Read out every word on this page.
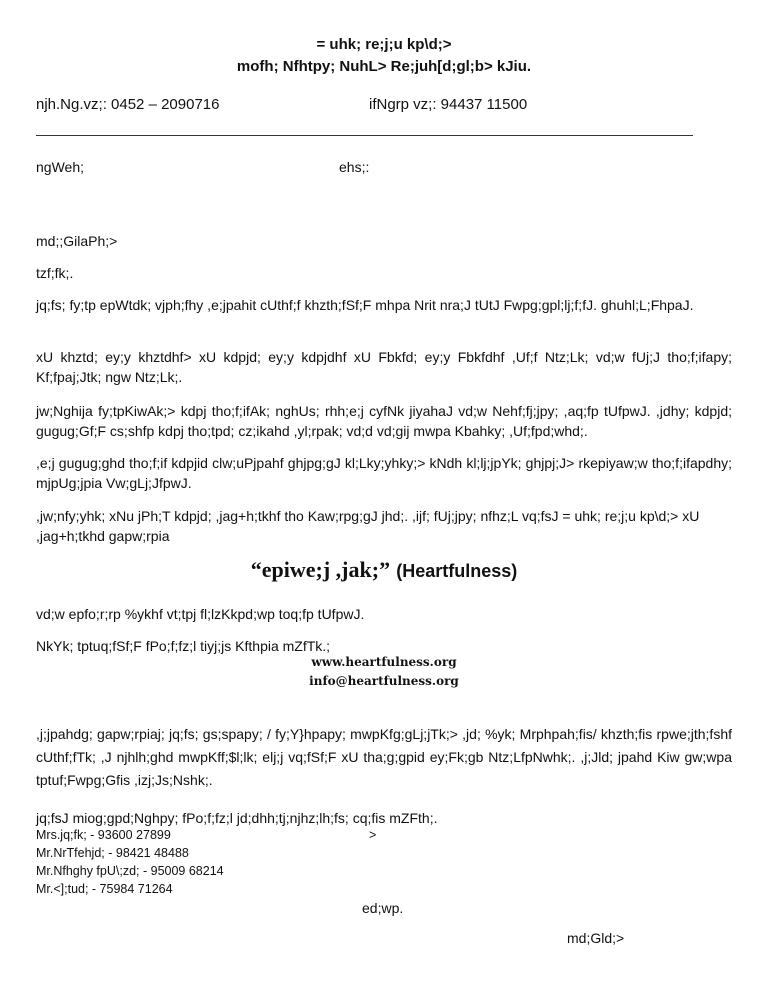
= uhk; re;j;u kp\d;>
mofh; Nfhtpy; NuhL> Re;juh[d;gl;b> kJiu.
njh.Ng.vz;: 0452 – 2090716	ifNgrp vz;: 94437 11500
ngWeh;	ehs;:
md;;GilaPh;>
tzf;fk;.
jq;fs; fy;tp epWtdk; vjph;fhy ,e;jpahit cUthf;f khzth;fSf;F mhpa Nrit nra;J tUtJ Fwpg;gpl;lj;f;fJ. ghuhl;L;FhpaJ.
xU khztd; ey;y khztdhf> xU kdpjd; ey;y kdpjdhf xU Fbkfd; ey;y Fbkfdhf ,Uf;f Ntz;Lk; vd;w fUj;J tho;f;ifapy; Kf;fpaj;Jtk; ngw Ntz;Lk;.
jw;Nghija fy;tpKiwAk;> kdpj tho;f;ifAk; nghUs; rhh;e;j cyfNk jiyahaJ vd;w Nehf;fj;jpy; ,aq;fp tUfpwJ. ,jdhy; kdpjd; gugug;Gf;F cs;shfp kdpj tho;tpd; cz;ikahd ,yl;rpak; vd;d vd;gij mwpa Kbahky; ,Uf;fpd;whd;.
,e;j gugug;ghd tho;f;if kdpjid clw;uPjpahf ghjpg;gJ kl;Lky;yhky;> kNdh kl;lj;jpYk; ghjpj;J> rkepiyaw;w tho;f;ifapdhy; mjpUg;jpia Vw;gLj;JfpwJ.
,jw;nfy;yhk; xNu jPh;T kdpjd; ,jag+h;tkhf tho Kaw;rpg;gJ jhd;. ,ijf; fUj;jpy; nfhz;L vq;fsJ = uhk; re;j;u kp\d;> xU ,jag+h;tkhd gapw;rpia
“epiwe;j ,jak;” (Heartfulness)
vd;w epfo;r;rp %ykhf vt;tpj fl;lzKkpd;wp toq;fp tUfpwJ.
NkYk; tptuq;fSf;F fPo;f;fz;l tiyj;js Kfthpia mZfTk.;
www.heartfulness.org
info@heartfulness.org
,j;jpahdg; gapw;rpiaj; jq;fs; gs;spapy; / fy;Y}hpapy; mwpKfg;gLj;jTk;> ,jd; %yk; Mrphpah;fis/ khzth;fis rpwe;jth;fshf cUthf;fTk; ,J njhlh;ghd mwpKff;$l;lk; elj;j vq;fSf;F xU tha;g;gpid ey;Fk;gb Ntz;LfpNwhk;. ,j;Jld; jpahd Kiw gw;wpa tptuf;Fwpg;Gfis ,izj;Js;Nshk;.
jq;fsJ miog;gpd;Nghpy; fPo;f;fz;l jd;dhh;tj;njhz;lh;fs; cq;fis mZFth;.
Mrs.jq;fk; - 93600 27899	>
Mr.NrTfehjd; - 98421 48488
Mr.Nfhghy fpU\;zd; - 95009 68214
Mr.<];tud; - 75984 71264
ed;wp.
md;Gld;>
